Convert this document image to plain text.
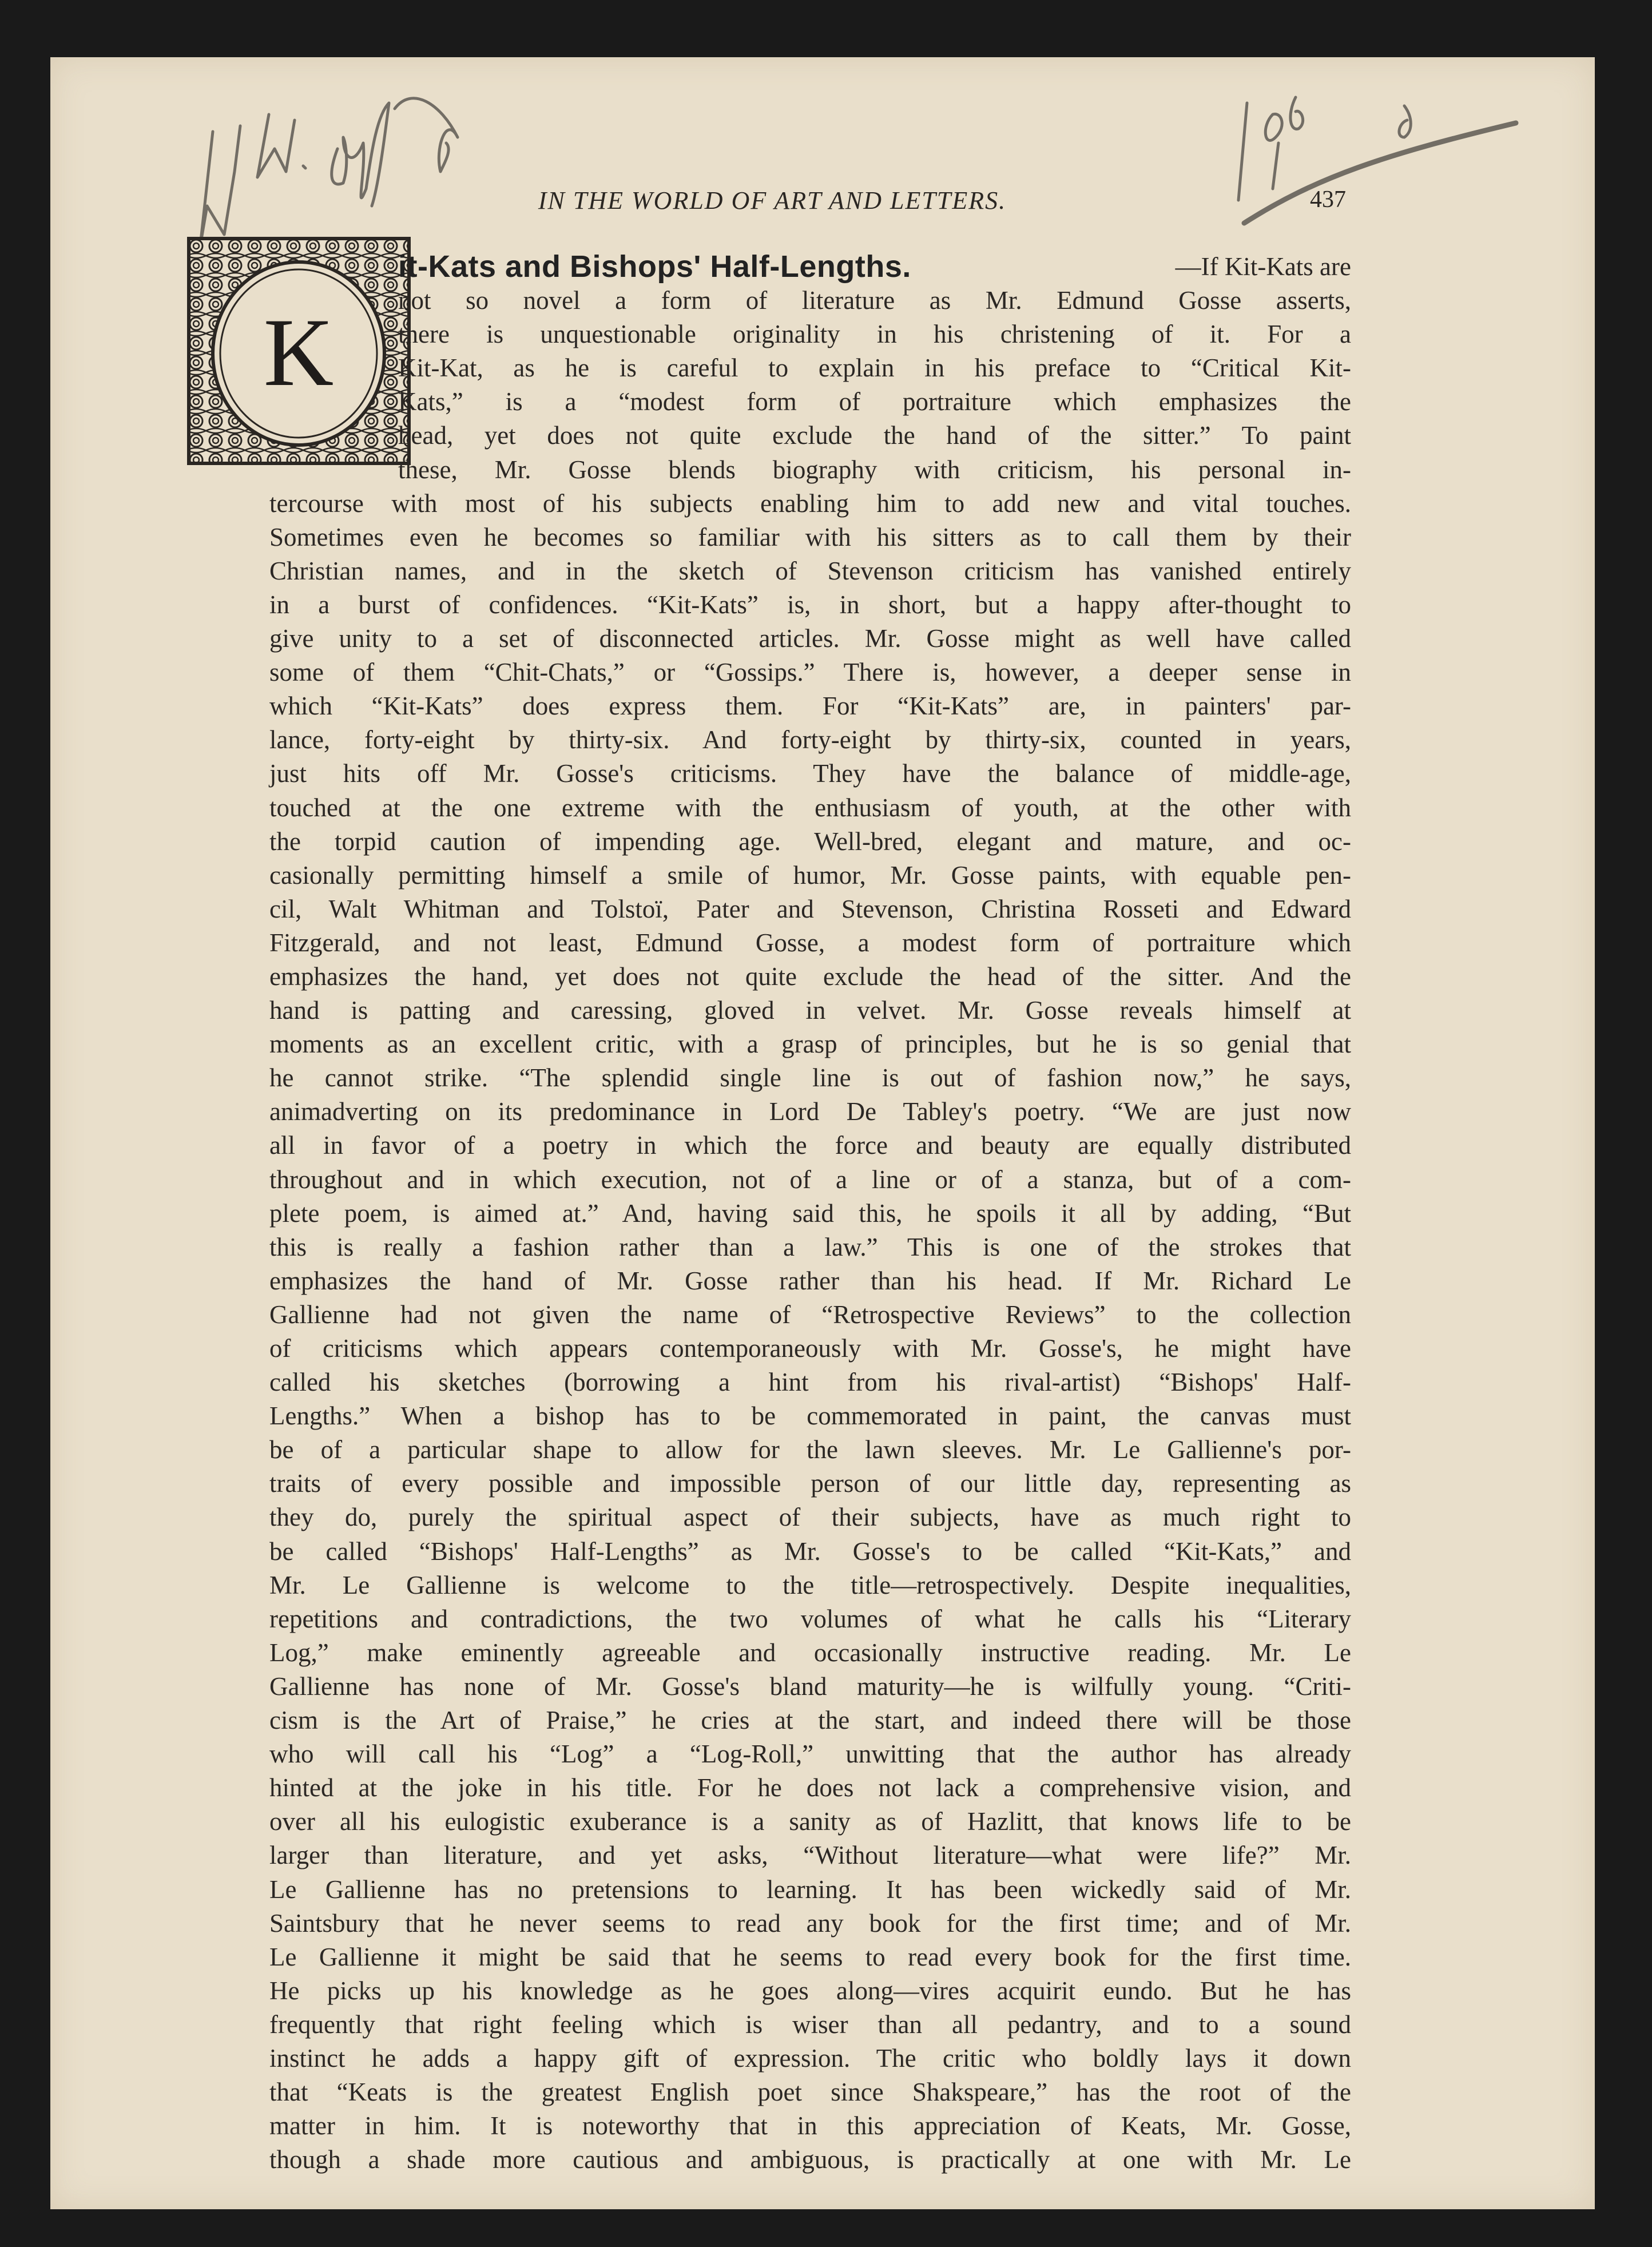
IN THE WORLD OF ART AND LETTERS.	437
K
it-Kats and Bishops' Half-Lengths.	—If Kit-Kats are
not so novel a form of literature as Mr. Edmund Gosse asserts,
there is unquestionable originality in his christening of it. For a
Kit-Kat, as he is careful to explain in his preface to “Critical Kit-
Kats,” is a “modest form of portraiture which emphasizes the
head, yet does not quite exclude the hand of the sitter.” To paint
these, Mr. Gosse blends biography with criticism, his personal in-
tercourse with most of his subjects enabling him to add new and vital touches.
Sometimes even he becomes so familiar with his sitters as to call them by their
Christian names, and in the sketch of Stevenson criticism has vanished entirely
in a burst of confidences. “Kit-Kats” is, in short, but a happy after-thought to
give unity to a set of disconnected articles. Mr. Gosse might as well have called
some of them “Chit-Chats,” or “Gossips.” There is, however, a deeper sense in
which “Kit-Kats” does express them. For “Kit-Kats” are, in painters' par-
lance, forty-eight by thirty-six. And forty-eight by thirty-six, counted in years,
just hits off Mr. Gosse's criticisms. They have the balance of middle-age,
touched at the one extreme with the enthusiasm of youth, at the other with
the torpid caution of impending age. Well-bred, elegant and mature, and oc-
casionally permitting himself a smile of humor, Mr. Gosse paints, with equable pen-
cil, Walt Whitman and Tolstoï, Pater and Stevenson, Christina Rosseti and Edward
Fitzgerald, and not least, Edmund Gosse, a modest form of portraiture which
emphasizes the hand, yet does not quite exclude the head of the sitter. And the
hand is patting and caressing, gloved in velvet. Mr. Gosse reveals himself at
moments as an excellent critic, with a grasp of principles, but he is so genial that
he cannot strike. “The splendid single line is out of fashion now,” he says,
animadverting on its predominance in Lord De Tabley's poetry. “We are just now
all in favor of a poetry in which the force and beauty are equally distributed
throughout and in which execution, not of a line or of a stanza, but of a com-
plete poem, is aimed at.” And, having said this, he spoils it all by adding, “But
this is really a fashion rather than a law.” This is one of the strokes that
emphasizes the hand of Mr. Gosse rather than his head. If Mr. Richard Le
Gallienne had not given the name of “Retrospective Reviews” to the collection
of criticisms which appears contemporaneously with Mr. Gosse's, he might have
called his sketches (borrowing a hint from his rival-artist) “Bishops' Half-
Lengths.” When a bishop has to be commemorated in paint, the canvas must
be of a particular shape to allow for the lawn sleeves. Mr. Le Gallienne's por-
traits of every possible and impossible person of our little day, representing as
they do, purely the spiritual aspect of their subjects, have as much right to
be called “Bishops' Half-Lengths” as Mr. Gosse's to be called “Kit-Kats,” and
Mr. Le Gallienne is welcome to the title—retrospectively. Despite inequalities,
repetitions and contradictions, the two volumes of what he calls his “Literary
Log,” make eminently agreeable and occasionally instructive reading. Mr. Le
Gallienne has none of Mr. Gosse's bland maturity—he is wilfully young. “Criti-
cism is the Art of Praise,” he cries at the start, and indeed there will be those
who will call his “Log” a “Log-Roll,” unwitting that the author has already
hinted at the joke in his title. For he does not lack a comprehensive vision, and
over all his eulogistic exuberance is a sanity as of Hazlitt, that knows life to be
larger than literature, and yet asks, “Without literature—what were life?” Mr.
Le Gallienne has no pretensions to learning. It has been wickedly said of Mr.
Saintsbury that he never seems to read any book for the first time; and of Mr.
Le Gallienne it might be said that he seems to read every book for the first time.
He picks up his knowledge as he goes along—vires acquirit eundo. But he has
frequently that right feeling which is wiser than all pedantry, and to a sound
instinct he adds a happy gift of expression. The critic who boldly lays it down
that “Keats is the greatest English poet since Shakspeare,” has the root of the
matter in him. It is noteworthy that in this appreciation of Keats, Mr. Gosse,
though a shade more cautious and ambiguous, is practically at one with Mr. Le
